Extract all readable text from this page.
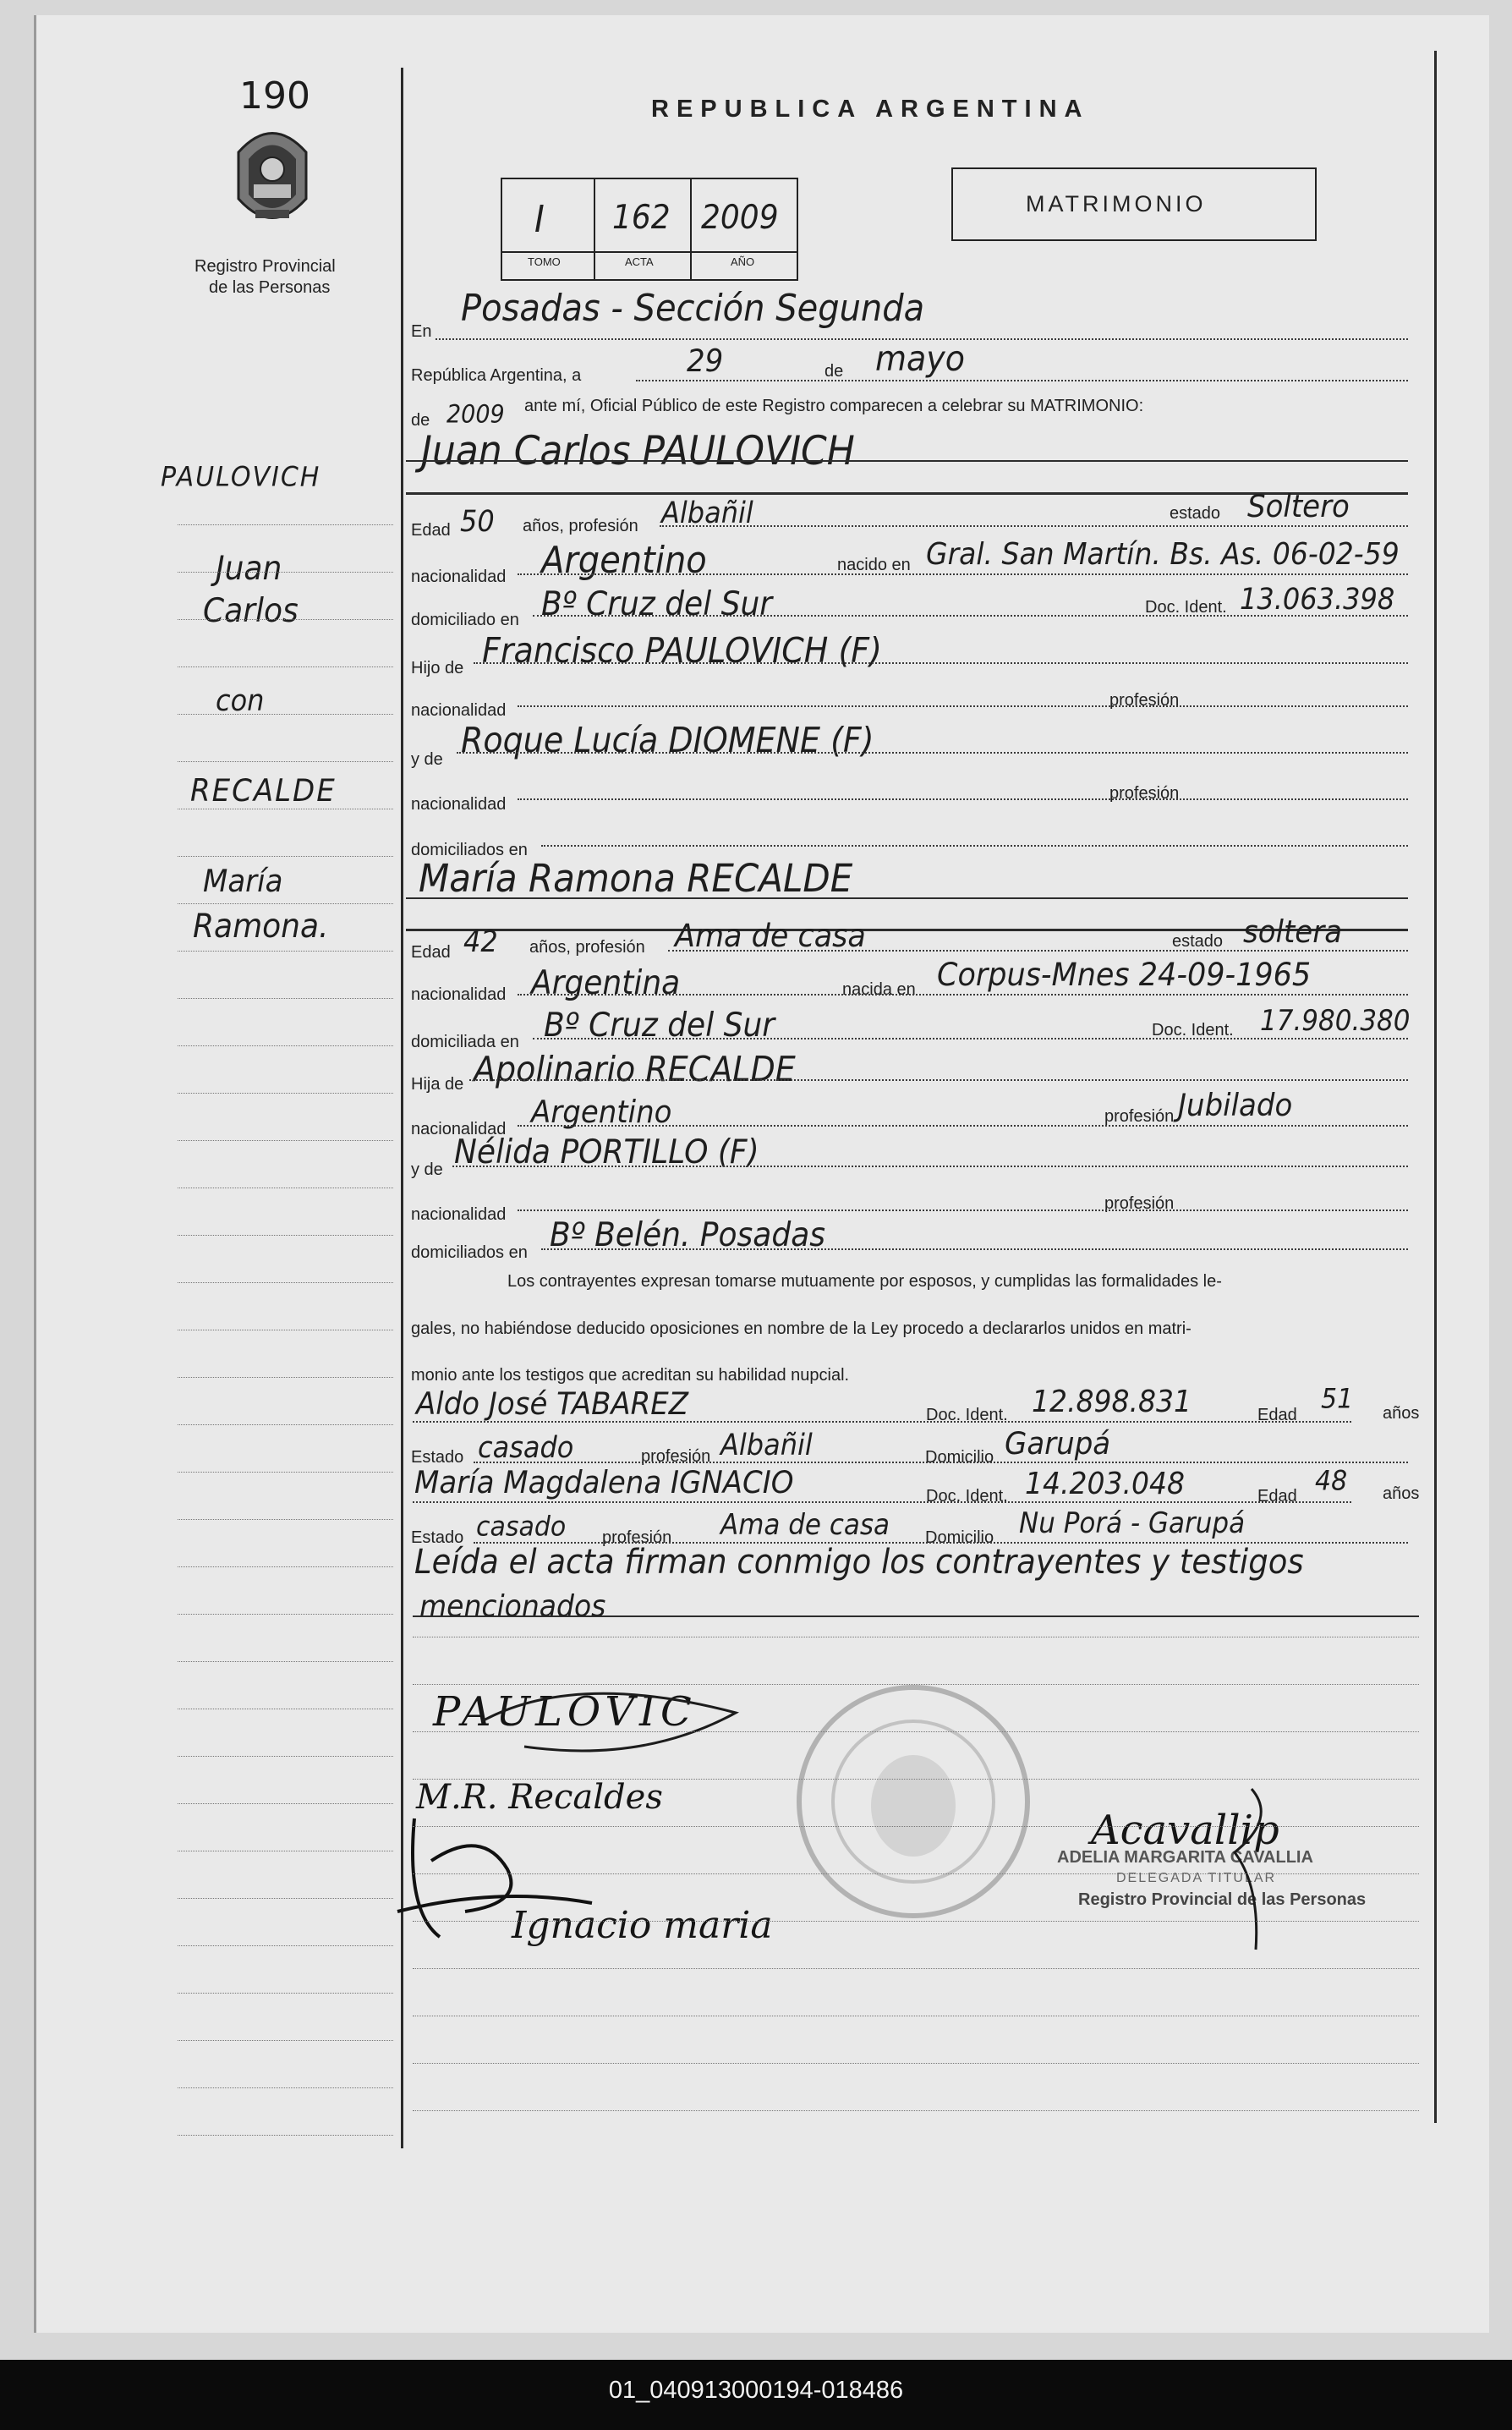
190
Registro Provincial
de las Personas
REPUBLICA ARGENTINA
I 162 2009
TOMO	ACTA	AÑO
MATRIMONIO
En
Posadas - Sección Segunda
República Argentina, a	29	de mayo
de 2009 ante mí, Oficial Público de este Registro comparecen a celebrar su MATRIMONIO:
Juan Carlos PAULOVICH
Edad 50 años, profesión Albañil	estado Soltero
nacionalidad Argentino	nacido en Gral. San Martín. Bs. As. 06-02-59
domiciliado en Bº Cruz del Sur	Doc. Ident. 13.063.398
Hijo de Francisco PAULOVICH (F)
nacionalidad
profesión
y de Roque Lucía DIOMENE (F)
nacionalidad
profesión
domiciliados en
María Ramona RECALDE
Edad 42 años, profesión Ama de casa	estado soltera
nacionalidad Argentina	nacida en Corpus-Mnes 24-09-1965
domiciliada en Bº Cruz del Sur	Doc. Ident. 17.980.380
Hija de Apolinario RECALDE
nacionalidad Argentino	profesión Jubilado
y de Nélida PORTILLO (F)
nacionalidad
profesión
domiciliados en Bº Belén. Posadas
Los contrayentes expresan tomarse mutuamente por esposos, y cumplidas las formalidades le-
gales, no habiéndose deducido oposiciones en nombre de la Ley procedo a declararlos unidos en matri-
monio ante los testigos que acreditan su habilidad nupcial.
Aldo José TABAREZ	Doc. Ident. 12.898.831	Edad 51 años
Estado casado	profesión Albañil	Domicilio Garupá
María Magdalena IGNACIO	Doc. Ident. 14.203.048	Edad 48 años
Estado casado profesión Ama de casa Domicilio Nu Porá - Garupá
Leída el acta firman conmigo los contrayentes y testigos
mencionados
PAULOVIC
M.R. Recaldes
Ignacio maria
Acavallip
ADELIA MARGARITA CAVALLIA
DELEGADA TITULAR
Registro Provincial de las Personas
PAULOVICH
Juan
Carlos
con
RECALDE
María
Ramona.
01_040913000194-018486
